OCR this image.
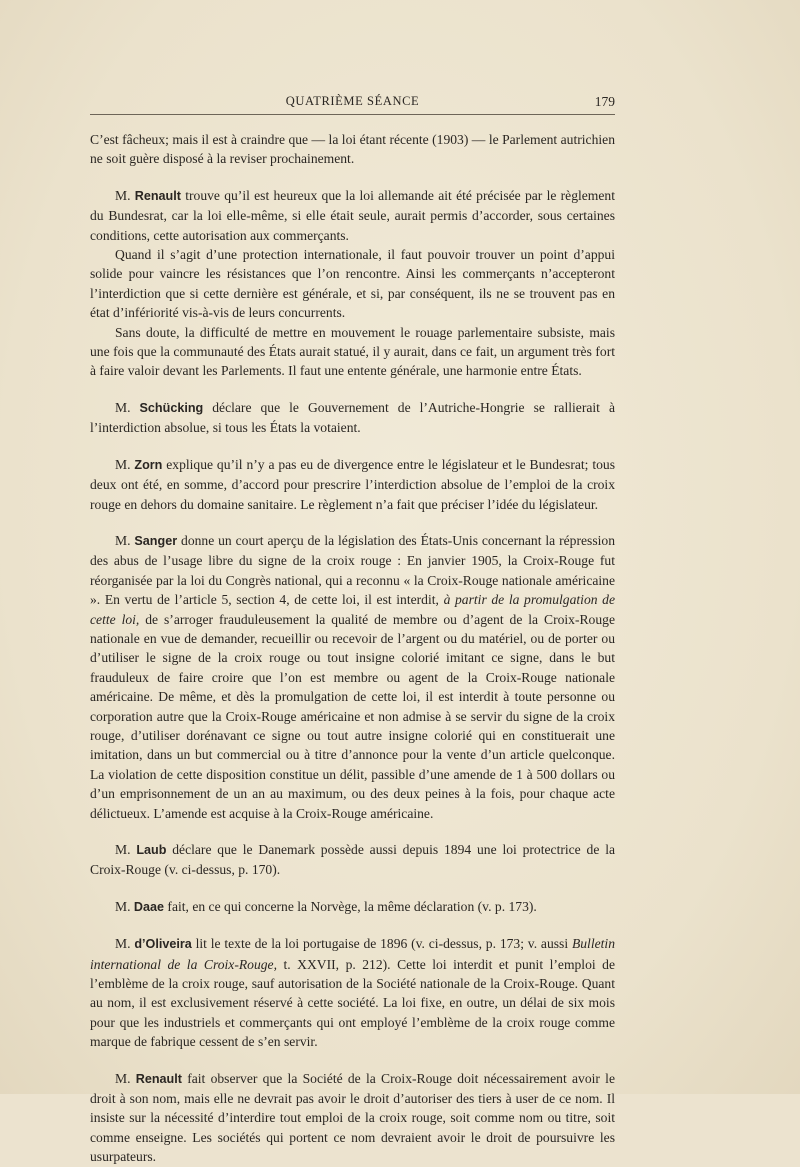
QUATRIÈME SÉANCE	179

C’est fâcheux; mais il est à craindre que — la loi étant récente (1903) — le Parlement autrichien ne soit guère disposé à la reviser prochainement.

M. Renault trouve qu’il est heureux que la loi allemande ait été précisée par le règlement du Bundesrat, car la loi elle-même, si elle était seule, aurait permis d’accorder, sous certaines conditions, cette autorisation aux commerçants.

Quand il s’agit d’une protection internationale, il faut pouvoir trouver un point d’appui solide pour vaincre les résistances que l’on rencontre. Ainsi les commerçants n’accepteront l’interdiction que si cette dernière est générale, et si, par conséquent, ils ne se trouvent pas en état d’infériorité vis-à-vis de leurs concurrents.

Sans doute, la difficulté de mettre en mouvement le rouage parlementaire subsiste, mais une fois que la communauté des États aurait statué, il y aurait, dans ce fait, un argument très fort à faire valoir devant les Parlements. Il faut une entente générale, une harmonie entre États.

M. Schücking déclare que le Gouvernement de l’Autriche-Hongrie se rallierait à l’interdiction absolue, si tous les États la votaient.

M. Zorn explique qu’il n’y a pas eu de divergence entre le législateur et le Bundesrat; tous deux ont été, en somme, d’accord pour prescrire l’interdiction absolue de l’emploi de la croix rouge en dehors du domaine sanitaire. Le règlement n’a fait que préciser l’idée du législateur.

M. Sanger donne un court aperçu de la législation des États-Unis concernant la répression des abus de l’usage libre du signe de la croix rouge : En janvier 1905, la Croix-Rouge fut réorganisée par la loi du Congrès national, qui a reconnu « la Croix-Rouge nationale américaine ». En vertu de l’article 5, section 4, de cette loi, il est interdit, à partir de la promulgation de cette loi, de s’arroger frauduleusement la qualité de membre ou d’agent de la Croix-Rouge nationale en vue de demander, recueillir ou recevoir de l’argent ou du matériel, ou de porter ou d’utiliser le signe de la croix rouge ou tout insigne colorié imitant ce signe, dans le but frauduleux de faire croire que l’on est membre ou agent de la Croix-Rouge nationale américaine. De même, et dès la promulgation de cette loi, il est interdit à toute personne ou corporation autre que la Croix-Rouge américaine et non admise à se servir du signe de la croix rouge, d’utiliser dorénavant ce signe ou tout autre insigne colorié qui en constituerait une imitation, dans un but commercial ou à titre d’annonce pour la vente d’un article quelconque. La violation de cette disposition constitue un délit, passible d’une amende de 1 à 500 dollars ou d’un emprisonnement de un an au maximum, ou des deux peines à la fois, pour chaque acte délictueux. L’amende est acquise à la Croix-Rouge américaine.

M. Laub déclare que le Danemark possède aussi depuis 1894 une loi protectrice de la Croix-Rouge (v. ci-dessus, p. 170).

M. Daae fait, en ce qui concerne la Norvège, la même déclaration (v. p. 173).

M. d’Oliveira lit le texte de la loi portugaise de 1896 (v. ci-dessus, p. 173; v. aussi Bulletin international de la Croix-Rouge, t. XXVII, p. 212). Cette loi interdit et punit l’emploi de l’emblème de la croix rouge, sauf autorisation de la Société nationale de la Croix-Rouge. Quant au nom, il est exclusivement réservé à cette société. La loi fixe, en outre, un délai de six mois pour que les industriels et commerçants qui ont employé l’emblème de la croix rouge comme marque de fabrique cessent de s’en servir.

M. Renault fait observer que la Société de la Croix-Rouge doit nécessairement avoir le droit à son nom, mais elle ne devrait pas avoir le droit d’autoriser des tiers à user de ce nom. Il insiste sur la nécessité d’interdire tout emploi de la croix rouge, soit comme nom ou titre, soit comme enseigne. Les sociétés qui portent ce nom devraient avoir le droit de poursuivre les usurpateurs.
